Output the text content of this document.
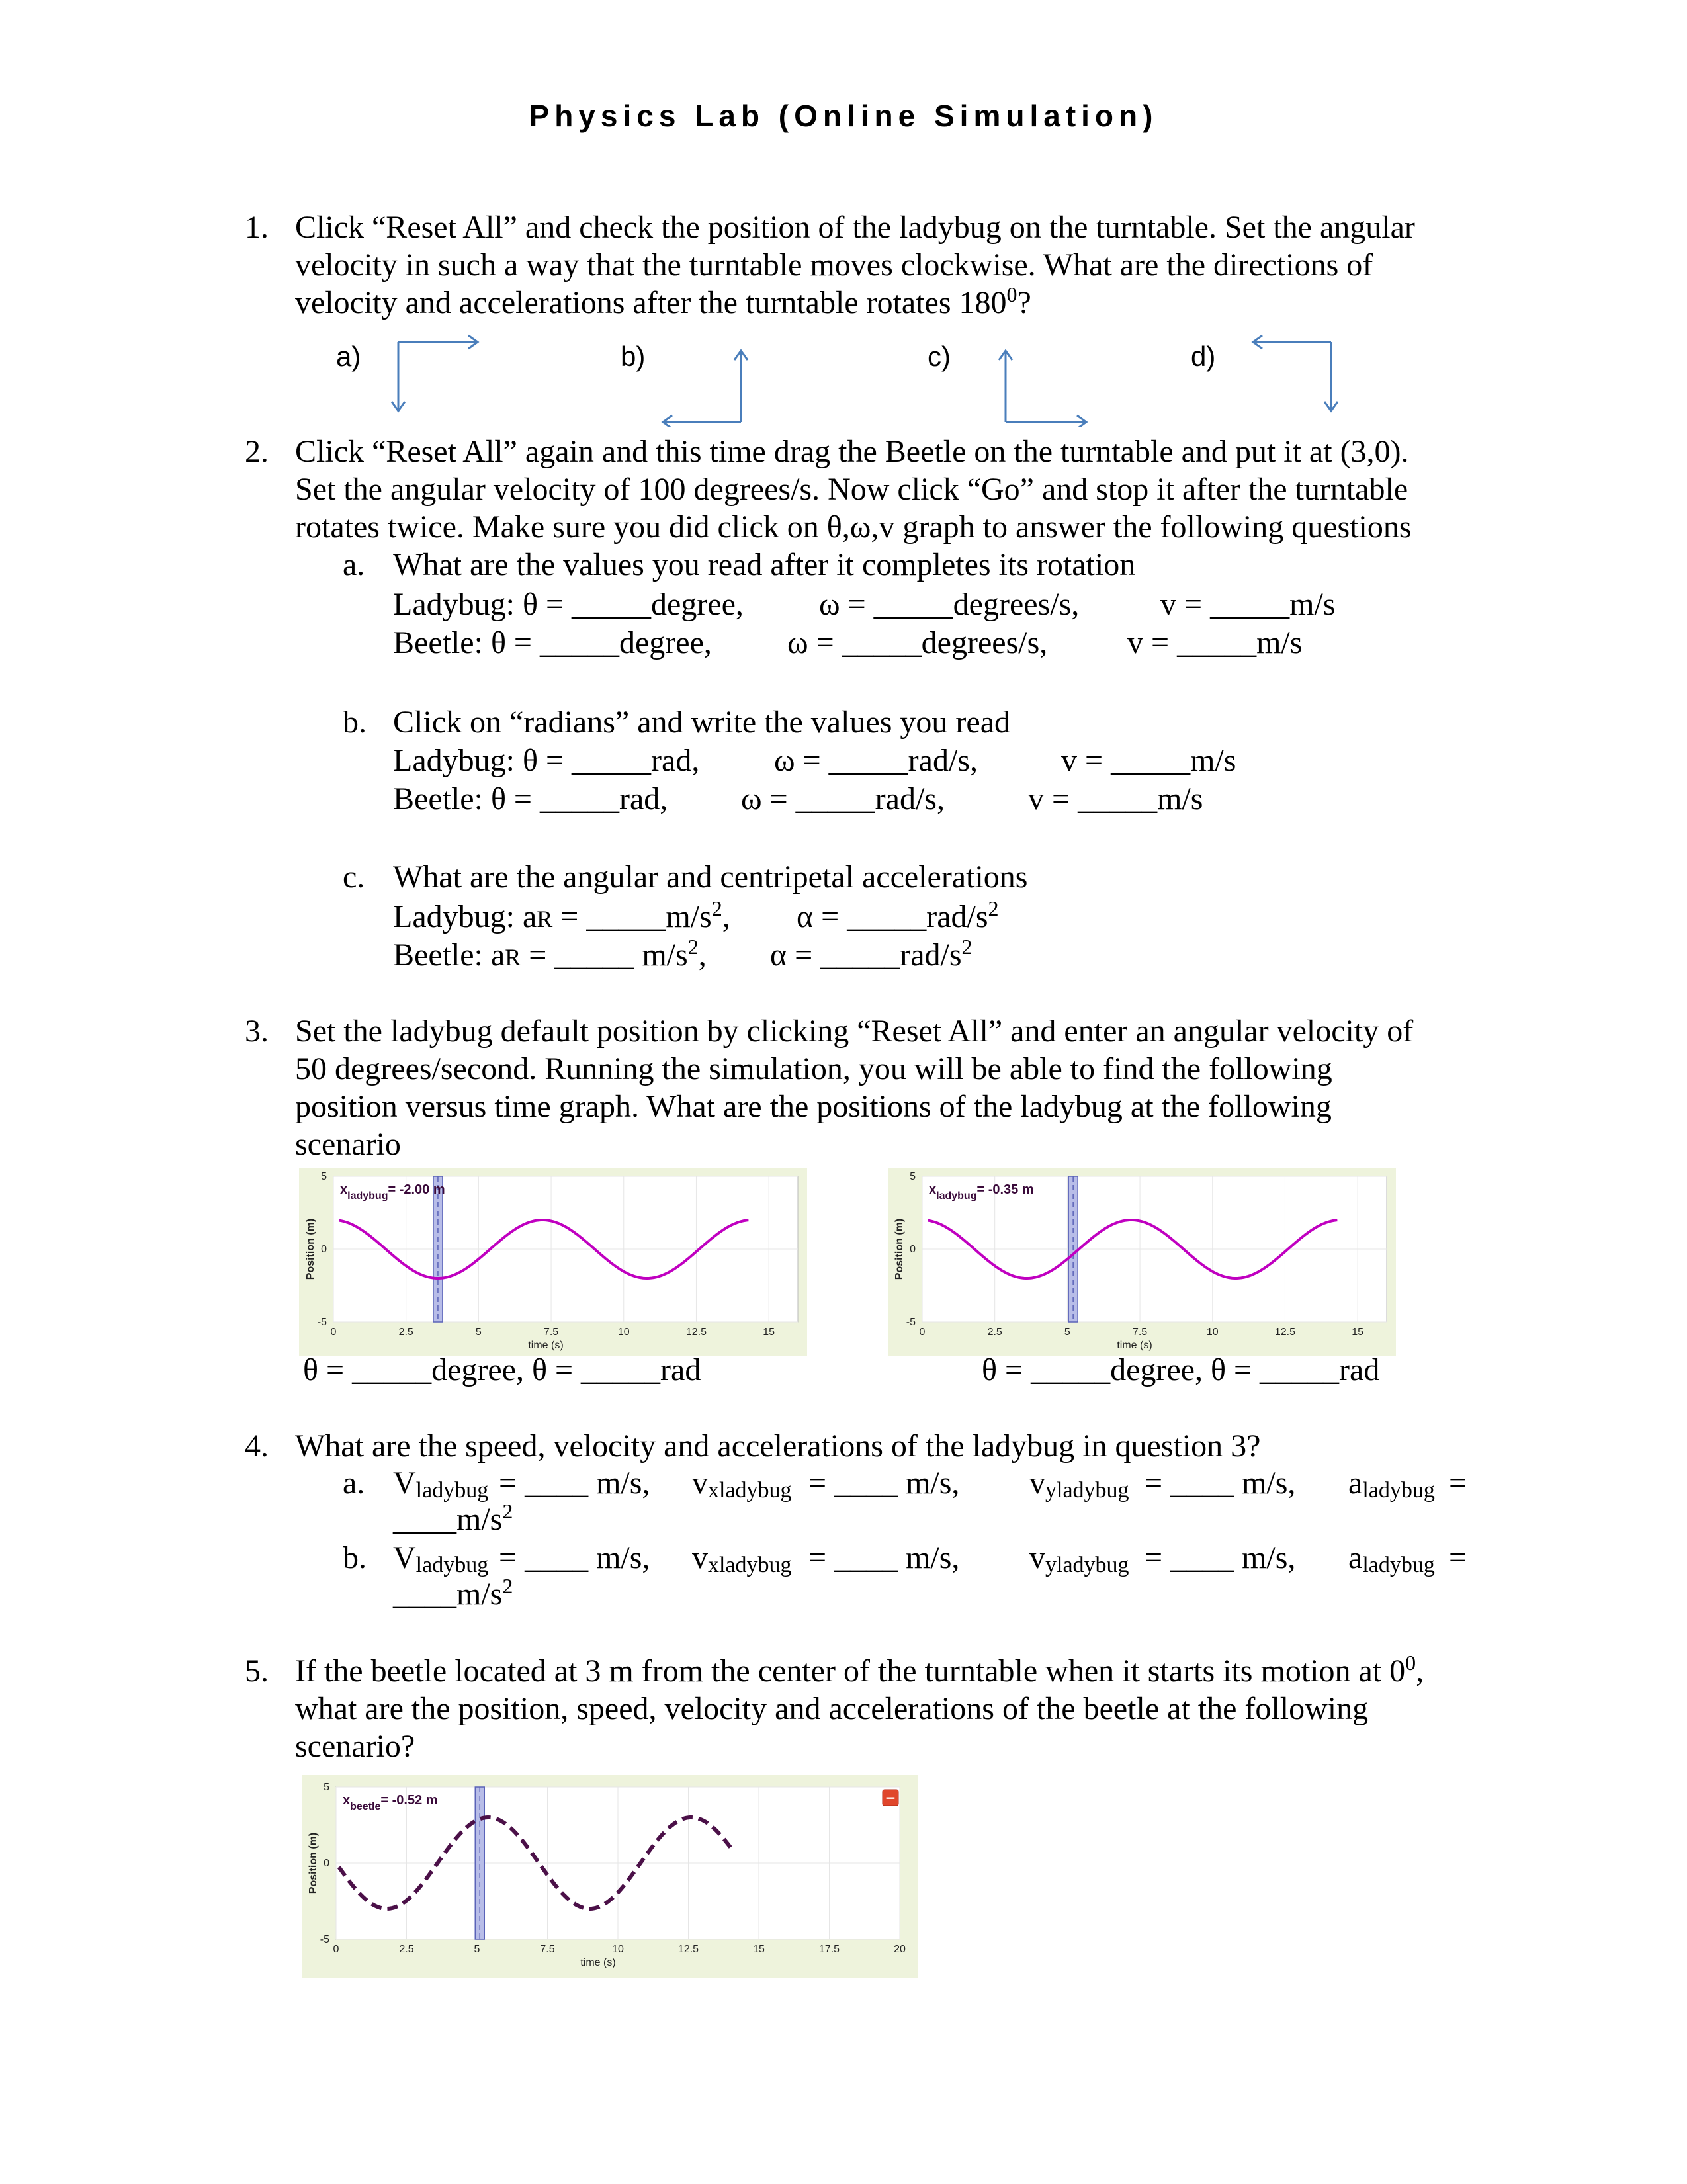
Physics Lab (Online Simulation)
1. Click “Reset All” and check the position of the ladybug on the turntable. Set the angular
velocity in such a way that the turntable moves clockwise. What are the directions of
velocity and accelerations after the turntable rotates $180^0$?
a)	b)	c)	d)
2. Click “Reset All” again and this time drag the Beetle on the turntable and put it at (3,0).
Set the angular velocity of 100 degrees/s. Now click “Go” and stop it after the turntable
rotates twice. Make sure you did click on θ,ω,v graph to answer the following questions
a. What are the values you read after it completes its rotation
Ladybug: θ = _____degree, ω = _____degrees/s,	v = _____m/s
Beetle: θ = _____degree, ω = _____degrees/s,	v = _____m/s
b. Click on “radians” and write the values you read
Ladybug: θ = _____rad, ω = _____rad/s,	v = _____m/s
Beetle: θ = _____rad, ω = _____rad/s,	v = _____m/s
c. What are the angular and centripetal accelerations
Ladybug: aR = $\_\_\_\_\_m/s^2$, $\alpha = \_\_\_\_\_rad/s^2$
Beetle: aR = _____ $m/s^2$, $\alpha = \_\_\_\_\_rad/s^2$
3. Set the ladybug default position by clicking “Reset All” and enter an angular velocity of
50 degrees/second. Running the simulation, you will be able to find the following
position versus time graph. What are the positions of the ladybug at the following
scenario
0	2.5	5	7.5	10	12.5	15
5
0
-5
time (s)
Position (m)
$x_{ladybug}= -2.00$ m
0	2.5	5	7.5	10	12.5	15
5
0
-5
time (s)
Position (m)
$x_{ladybug}= -0.35$ m
θ = _____degree, θ = _____rad	θ = _____degree, θ = _____rad
4. What are the speed, velocity and accelerations of the ladybug in question 3?
a. Vladybug = ____ m/s, vxladybug = ____ m/s, vyladybug = ____ m/s, aladybug =
$\_\_\_\_m/s^2$
b. Vladybug = ____ m/s, vxladybug = ____ m/s, vyladybug = ____ m/s, aladybug =
$\_\_\_\_m/s^2$
5. If the beetle located at 3 m from the center of the turntable when it starts its motion at $0^0$,
what are the position, speed, velocity and accelerations of the beetle at the following
scenario?
0	2.5	5	7.5	10	12.5	15	17.5	20
5
0
-5
time (s)
Position (m)
$x_{beetle}= -0.52$ m	−
